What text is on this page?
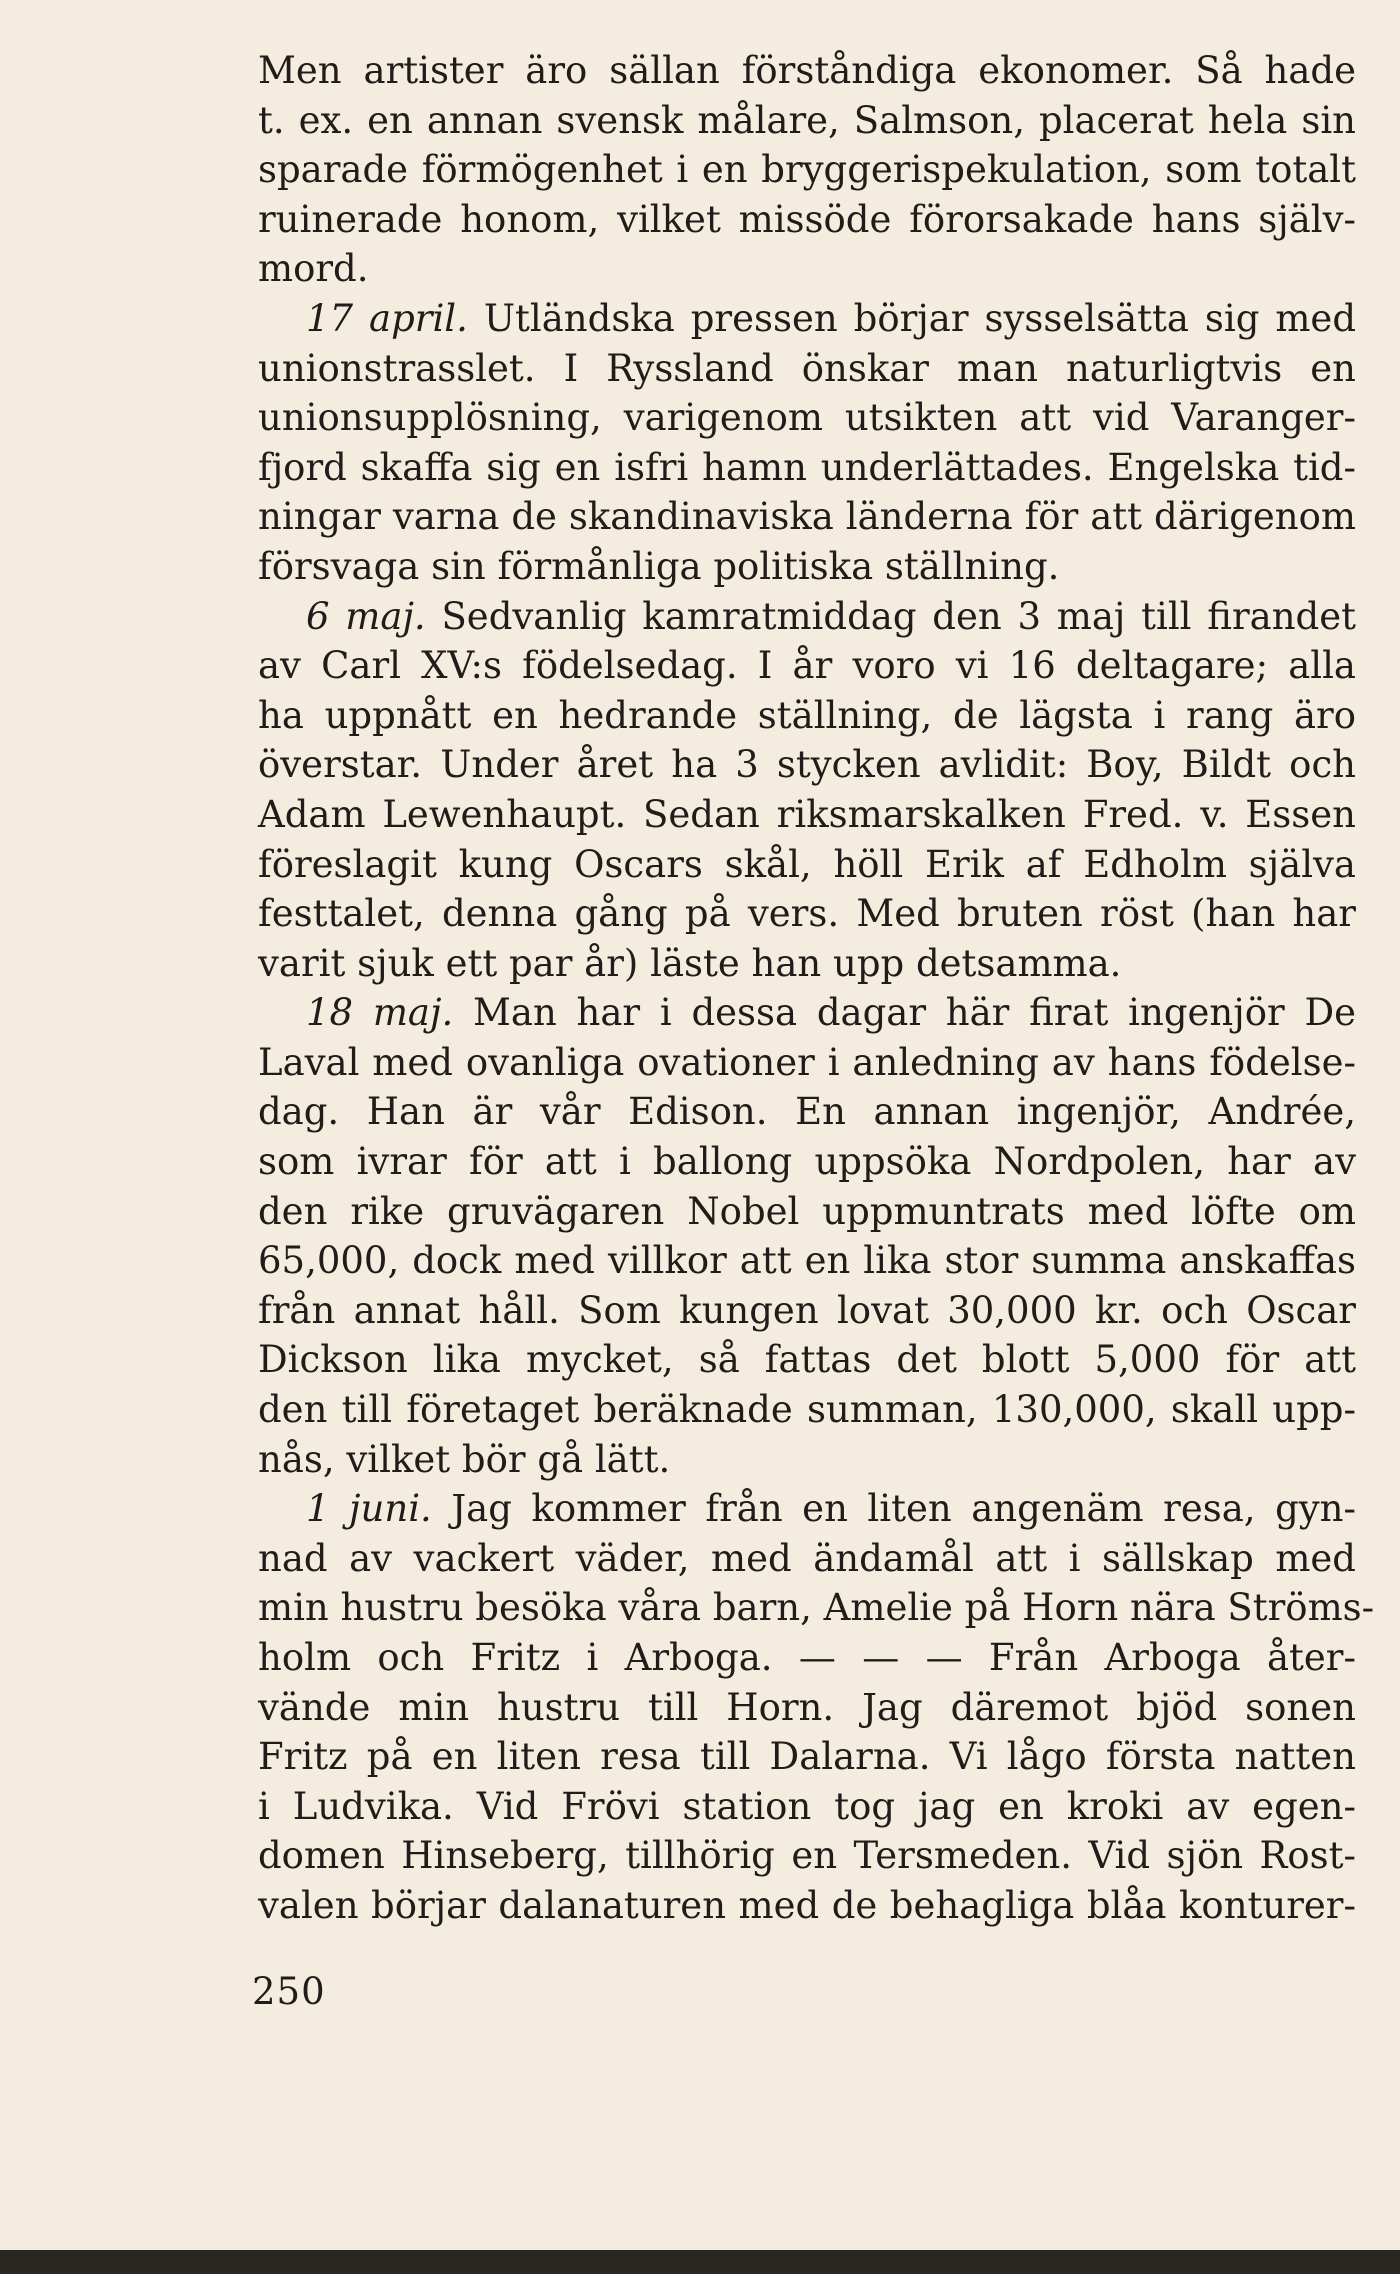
Men artister äro sällan förståndiga ekonomer. Så hade
t. ex. en annan svensk målare, Salmson, placerat hela sin
sparade förmögenhet i en bryggerispekulation, som totalt
ruinerade honom, vilket missöde förorsakade hans själv-
mord.
17 april. Utländska pressen börjar sysselsätta sig med
unionstrasslet. I Ryssland önskar man naturligtvis en
unionsupplösning, varigenom utsikten att vid Varanger-
fjord skaffa sig en isfri hamn underlättades. Engelska tid-
ningar varna de skandinaviska länderna för att därigenom
försvaga sin förmånliga politiska ställning.
6 maj. Sedvanlig kamratmiddag den 3 maj till firandet
av Carl XV:s födelsedag. I år voro vi 16 deltagare; alla
ha uppnått en hedrande ställning, de lägsta i rang äro
överstar. Under året ha 3 stycken avlidit: Boy, Bildt och
Adam Lewenhaupt. Sedan riksmarskalken Fred. v. Essen
föreslagit kung Oscars skål, höll Erik af Edholm själva
festtalet, denna gång på vers. Med bruten röst (han har
varit sjuk ett par år) läste han upp detsamma.
18 maj. Man har i dessa dagar här firat ingenjör De
Laval med ovanliga ovationer i anledning av hans födelse-
dag. Han är vår Edison. En annan ingenjör, Andrée,
som ivrar för att i ballong uppsöka Nordpolen, har av
den rike gruvägaren Nobel uppmuntrats med löfte om
65,000, dock med villkor att en lika stor summa anskaffas
från annat håll. Som kungen lovat 30,000 kr. och Oscar
Dickson lika mycket, så fattas det blott 5,000 för att
den till företaget beräknade summan, 130,000, skall upp-
nås, vilket bör gå lätt.
1 juni. Jag kommer från en liten angenäm resa, gyn-
nad av vackert väder, med ändamål att i sällskap med
min hustru besöka våra barn, Amelie på Horn nära Ströms-
holm och Fritz i Arboga. — — — Från Arboga åter-
vände min hustru till Horn. Jag däremot bjöd sonen
Fritz på en liten resa till Dalarna. Vi lågo första natten
i Ludvika. Vid Frövi station tog jag en kroki av egen-
domen Hinseberg, tillhörig en Tersmeden. Vid sjön Rost-
valen börjar dalanaturen med de behagliga blåa konturer-
250
